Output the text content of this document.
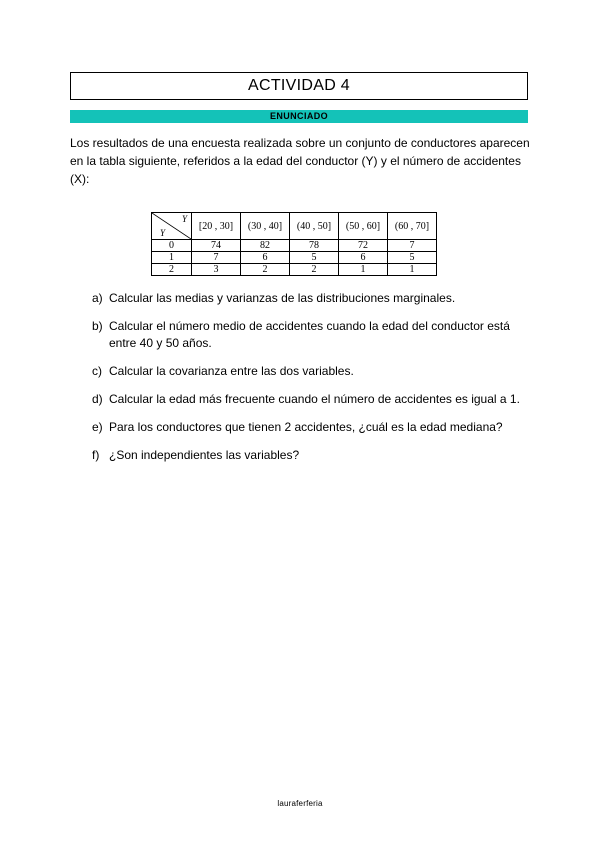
ACTIVIDAD 4
ENUNCIADO

Los resultados de una encuesta realizada sobre un conjunto de conductores aparecen en la tabla siguiente, referidos a la edad del conductor (Y) y el número de accidentes (X):

Y
Y	[20 , 30]	(30 , 40]	(40 , 50]	(50 , 60]	(60 , 70]
0	74	82	78	72	7
1	7	6	5	6	5
2	3	2	2	1	1
a) Calcular las medias y varianzas de las distribuciones marginales.
b) Calcular el número medio de accidentes cuando la edad del conductor está entre 40 y 50 años.
c) Calcular la covarianza entre las dos variables.
d) Calcular la edad más frecuente cuando el número de accidentes es igual a 1.
e) Para los conductores que tienen 2 accidentes, ¿cuál es la edad mediana?
f) ¿Son independientes las variables?
lauraferferia
